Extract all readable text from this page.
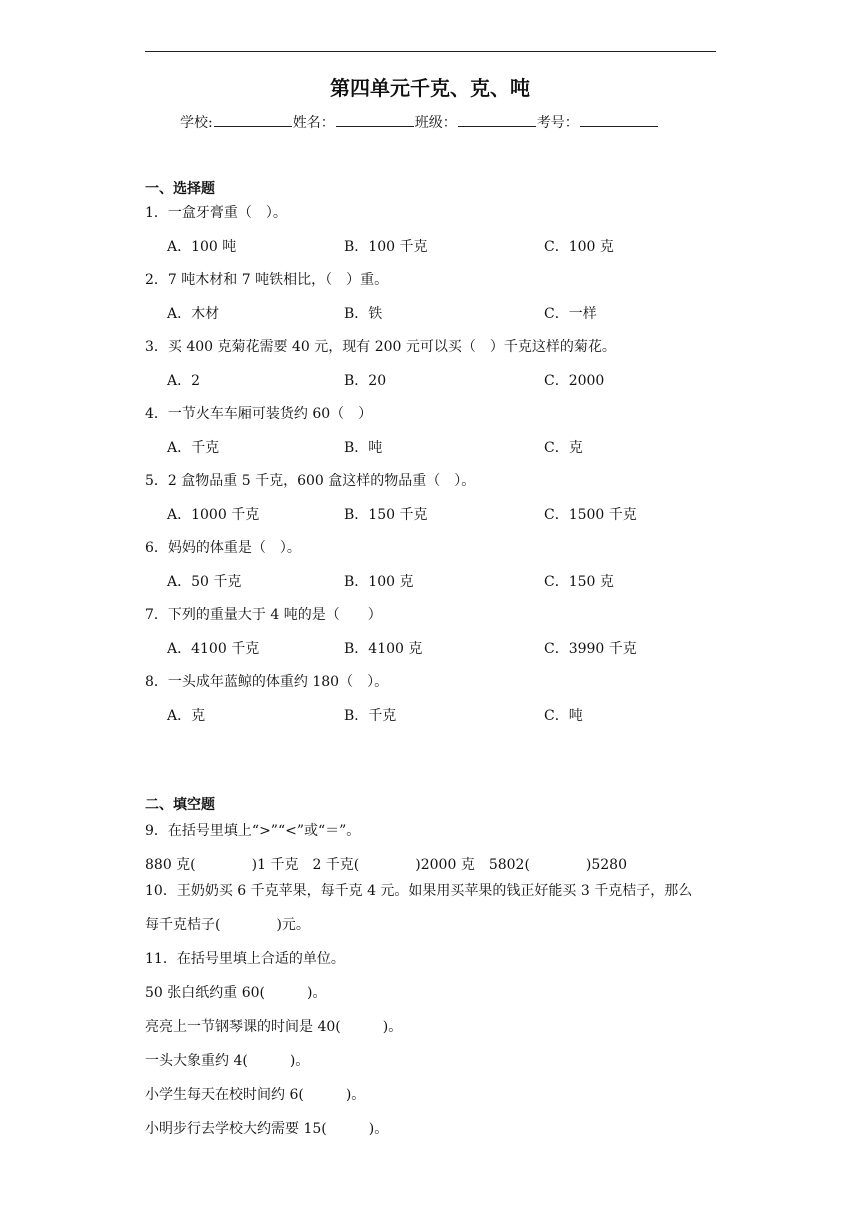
第四单元千克、克、吨
学校:	姓名：	班级：	考号：
一、选择题
1．一盒牙膏重（　）。
A．100 吨	B．100 千克	C．100 克
2．7 吨木材和 7 吨铁相比，（　）重。
A．木材	B．铁	C．一样
3．买 400 克菊花需要 40 元，现有 200 元可以买（　）千克这样的菊花。
A．2	B．20	C．2000
4．一节火车车厢可装货约 60（　）
A．千克	B．吨	C．克
5．2 盒物品重 5 千克，600 盒这样的物品重（　）。
A．1000 千克	B．150 千克	C．1500 千克
6．妈妈的体重是（　）。
A．50 千克	B．100 克	C．150 克
7．下列的重量大于 4 吨的是（　　）
A．4100 千克	B．4100 克	C．3990 千克
8．一头成年蓝鲸的体重约 180（　）。
A．克	B．千克	C．吨
二、填空题
9．在括号里填上“>”“<”或“＝”。
880 克(　　　　)1 千克　2 千克(　　　　)2000 克　5802(　　　　)5280
10．王奶奶买 6 千克苹果，每千克 4 元。如果用买苹果的钱正好能买 3 千克桔子，那么
每千克桔子(　　　　)元。
11．在括号里填上合适的单位。
50 张白纸约重 60(　　　)。
亮亮上一节钢琴课的时间是 40(　　　)。
一头大象重约 4(　　　)。
小学生每天在校时间约 6(　　　)。
小明步行去学校大约需要 15(　　　)。
